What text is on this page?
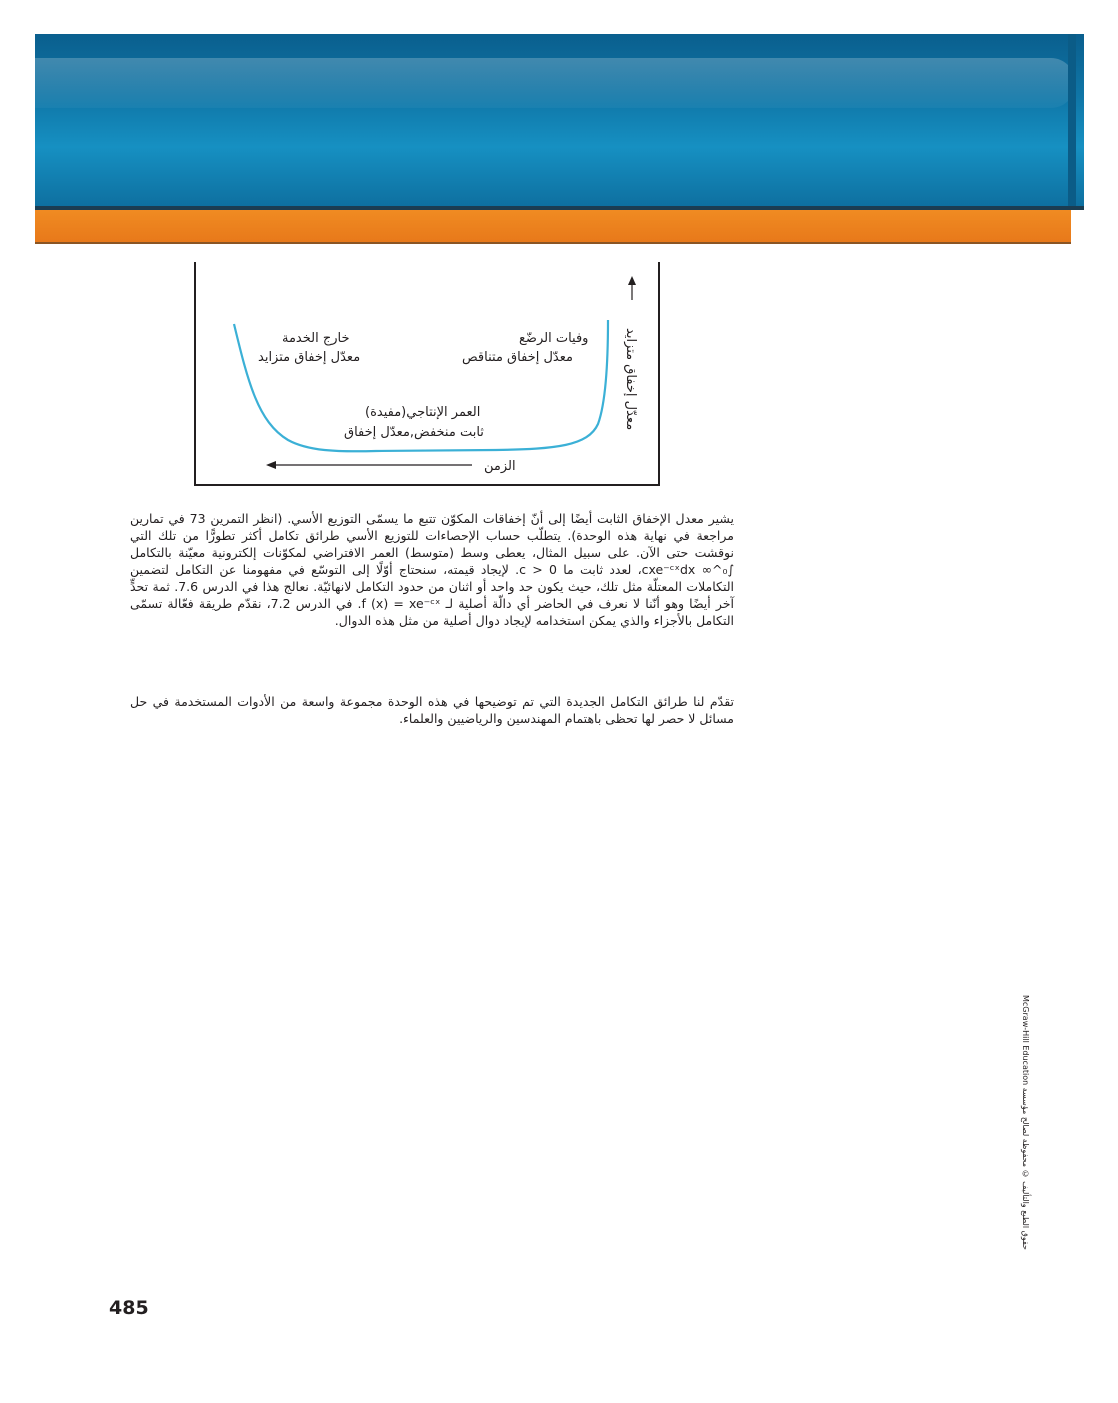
خارج الخدمة
معدّل إخفاق متزايد
وفيات الرضّع
معدّل إخفاق متناقص
العمر الإنتاجي(مفيدة)
ثابت منخفض,معدّل إخفاق
الزمن
معدّل إخفاق متزايد

يشير معدل الإخفاق الثابت أيضًا إلى أنّ إخفاقات المكوّن تتبع ما يسمّى التوزيع الأسي. (انظر التمرين 73 في تمارين مراجعة في نهاية هذه الوحدة). يتطلّب حساب الإحصاءات للتوزيع الأسي طرائق تكامل أكثر تطورًّا من تلك التي نوقشت حتى الآن. على سبيل المثال، يعطى وسط (متوسط) العمر الافتراضي لمكوّنات إلكترونية معيّنة بالتكامل ∫₀^∞ cxe⁻ᶜˣdx، لعدد ثابت ما c > 0. لإيجاد قيمته، سنحتاج أوّلًا إلى التوسّع في مفهومنا عن التكامل لتضمين التكاملات المعتلّة مثل تلك، حيث يكون حد واحد أو اثنان من حدود التكامل لانهائيّة. نعالج هذا في الدرس 7.6. ثمة تحدٍّ آخر أيضًا وهو أنّنا لا نعرف في الحاضر أي دالّة أصلية لـ f (x) = xe⁻ᶜˣ. في الدرس 7.2، نقدّم طريقة فعّالة تسمّى التكامل بالأجزاء والذي يمكن استخدامه لإيجاد دوال أصلية من مثل هذه الدوال.

تقدّم لنا طرائق التكامل الجديدة التي تم توضيحها في هذه الوحدة مجموعة واسعة من الأدوات المستخدمة في حل مسائل لا حصر لها تحظى باهتمام المهندسين والرياضيين والعلماء.

حقوق الطبع والتأليف © محفوظة لصالح مؤسسة McGraw-Hill Education
485
